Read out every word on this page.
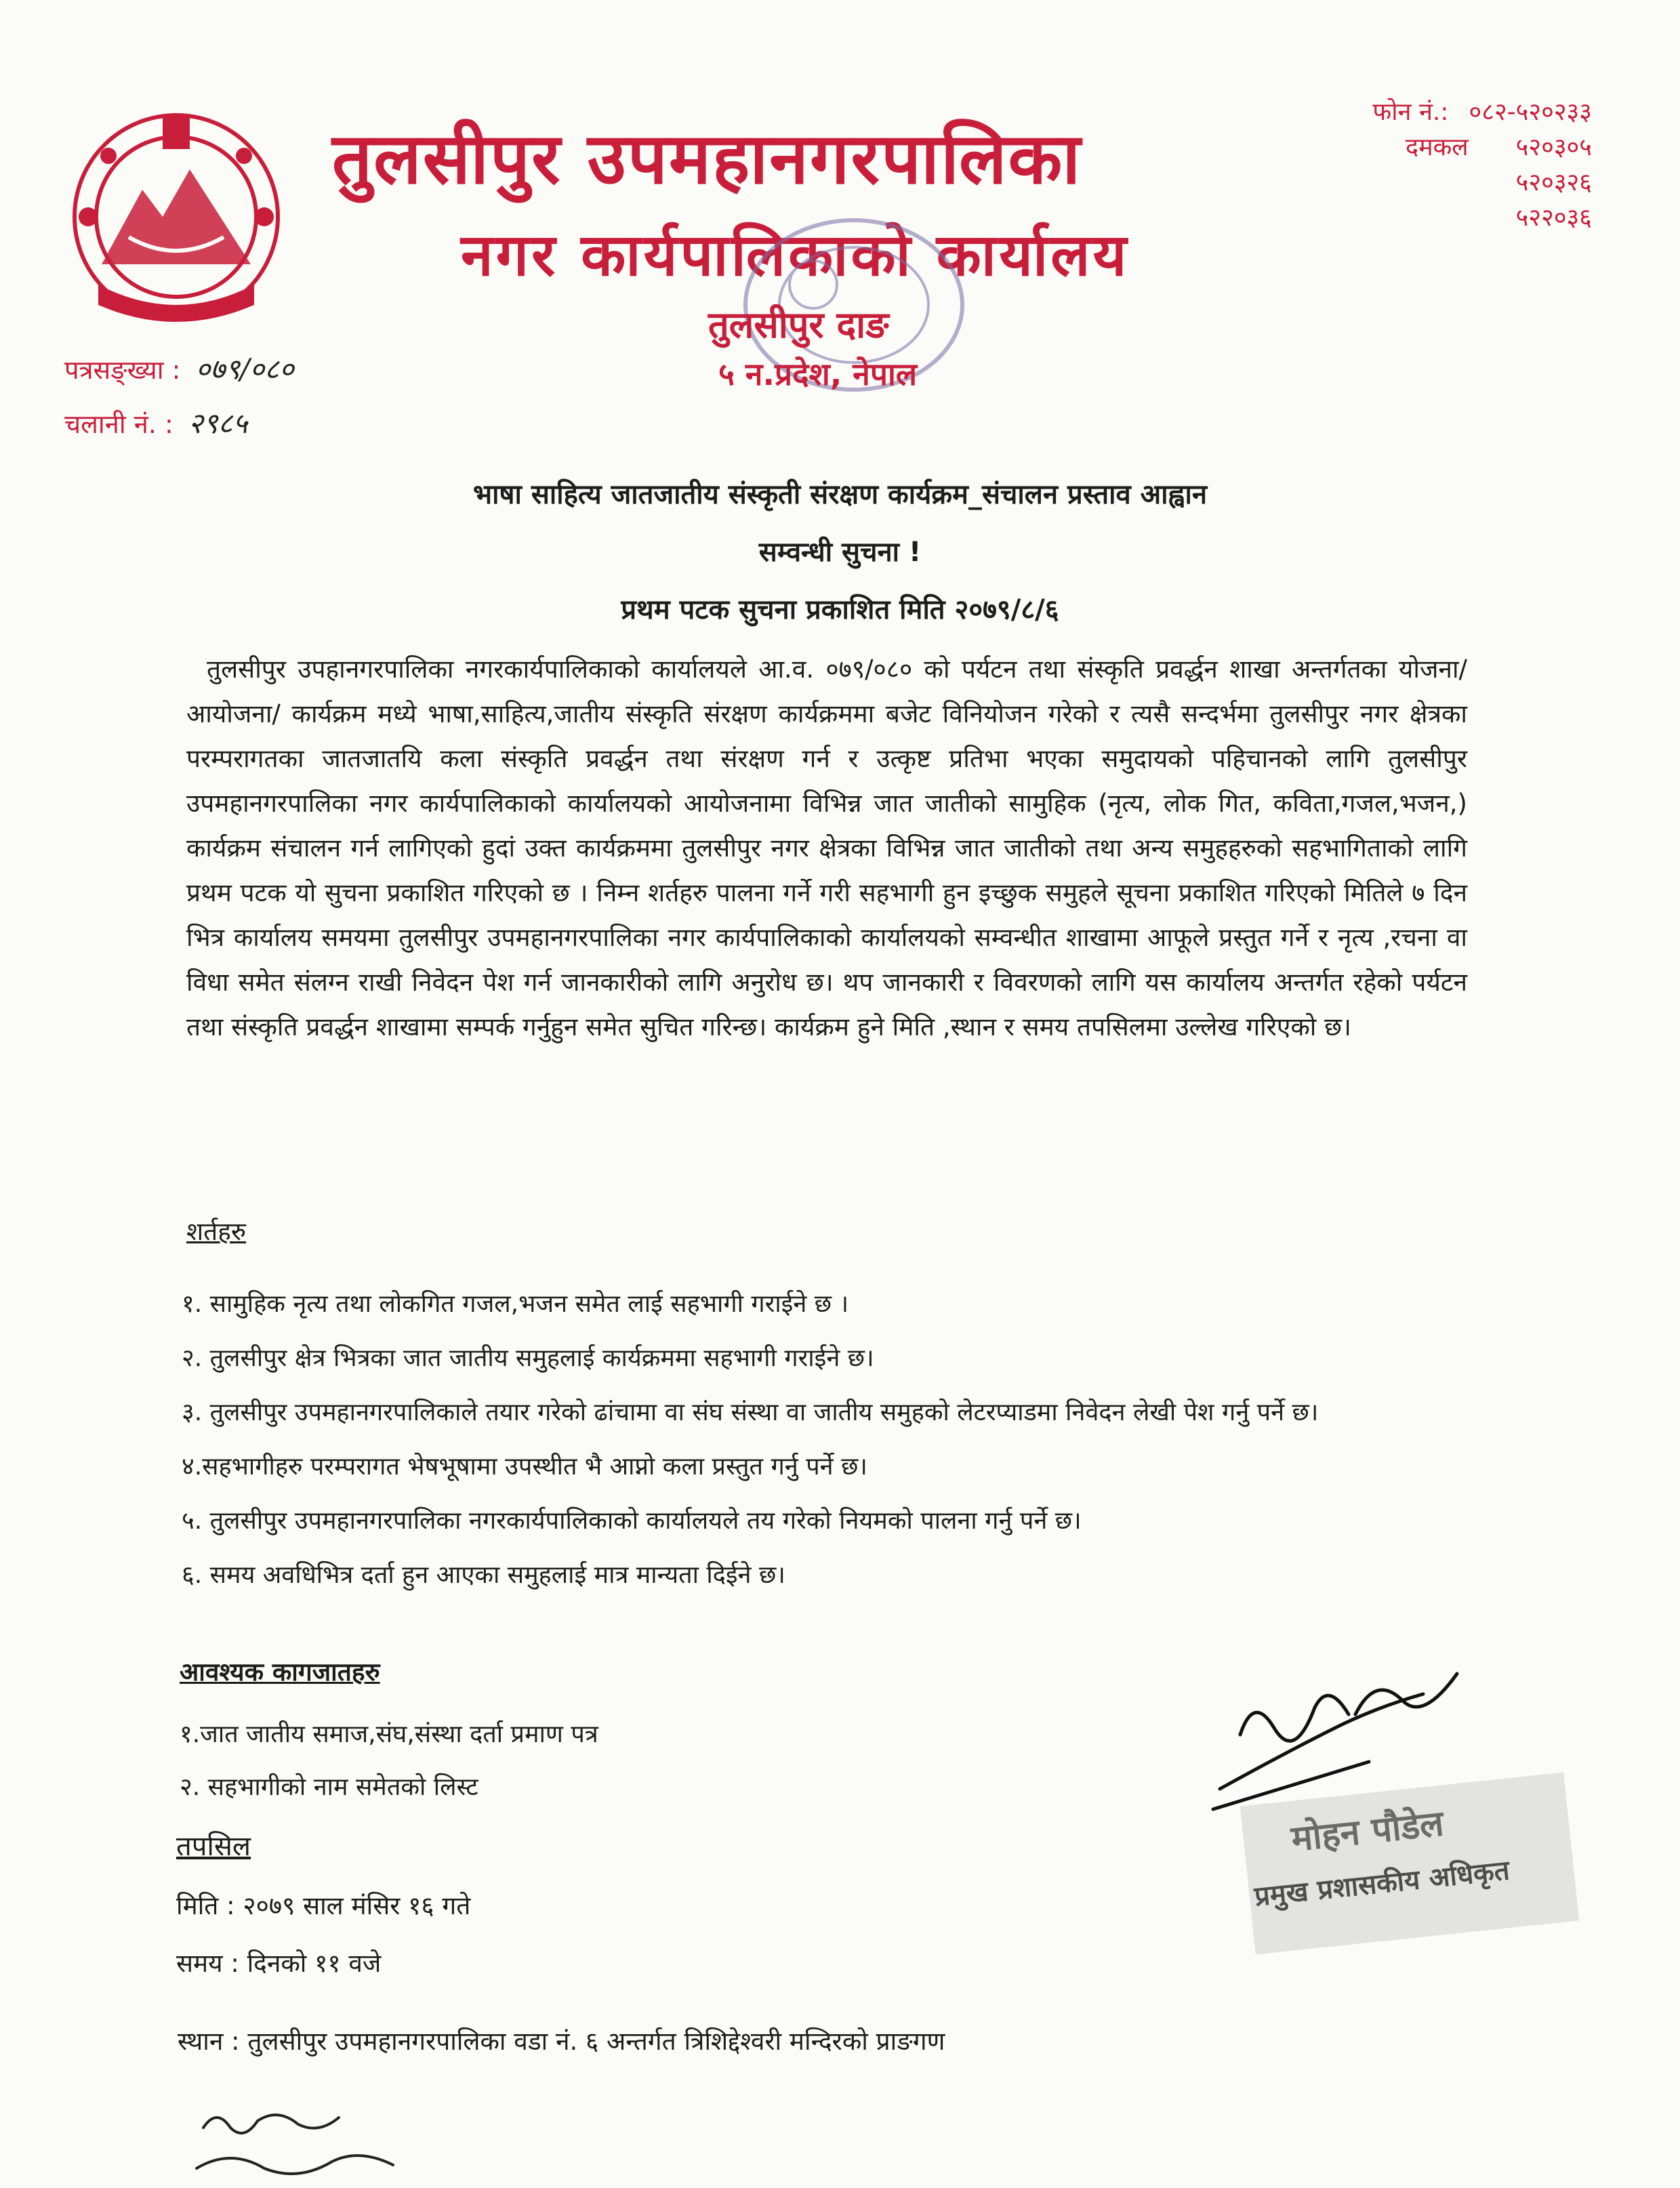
तुलसीपुर उपमहानगरपालिका
नगर कार्यपालिकाको कार्यालय
तुलसीपुर दाङ
५ न.प्रदेश, नेपाल
फोन नं.: ०८२-५२०२३३
दमकल ५२०३०५
५२०३२६
५२२०३६
पत्रसङ्ख्या : ०७९/०८०
चलानी नं. : २९८५
भाषा साहित्य जातजातीय संस्कृती संरक्षण कार्यक्रम_संचालन प्रस्ताव आह्वान
सम्वन्धी सुचना !
प्रथम पटक सुचना प्रकाशित मिति २०७९/८/६
तुलसीपुर उपहानगरपालिका नगरकार्यपालिकाको कार्यालयले आ.व. ०७९/०८० को पर्यटन तथा संस्कृति प्रवर्द्धन शाखा अन्तर्गतका योजना/ आयोजना/ कार्यक्रम मध्ये भाषा,साहित्य,जातीय संस्कृति संरक्षण कार्यक्रममा बजेट विनियोजन गरेको र त्यसै सन्दर्भमा तुलसीपुर नगर क्षेत्रका परम्परागतका जातजातयि कला संस्कृति प्रवर्द्धन तथा संरक्षण गर्न र उत्कृष्ट प्रतिभा भएका समुदायको पहिचानको लागि तुलसीपुर उपमहानगरपालिका नगर कार्यपालिकाको कार्यालयको आयोजनामा विभिन्न जात जातीको सामुहिक (नृत्य, लोक गित, कविता,गजल,भजन,) कार्यक्रम संचालन गर्न लागिएको हुदां उक्त कार्यक्रममा तुलसीपुर नगर क्षेत्रका विभिन्न जात जातीको तथा अन्य समुहहरुको सहभागिताको लागि प्रथम पटक यो सुचना प्रकाशित गरिएको छ । निम्न शर्तहरु पालना गर्ने गरी सहभागी हुन इच्छुक समुहले सूचना प्रकाशित गरिएको मितिले ७ दिन भित्र कार्यालय समयमा तुलसीपुर उपमहानगरपालिका नगर कार्यपालिकाको कार्यालयको सम्वन्धीत शाखामा आफूले प्रस्तुत गर्ने र नृत्य ,रचना वा विधा समेत संलग्न राखी निवेदन पेश गर्न जानकारीको लागि अनुरोध छ। थप जानकारी र विवरणको लागि यस कार्यालय अन्तर्गत रहेको पर्यटन तथा संस्कृति प्रवर्द्धन शाखामा सम्पर्क गर्नुहुन समेत सुचित गरिन्छ। कार्यक्रम हुने मिति ,स्थान र समय तपसिलमा उल्लेख गरिएको छ।
शर्तहरु
१. सामुहिक नृत्य तथा लोकगित गजल,भजन समेत लाई सहभागी गराईने छ ।
२. तुलसीपुर क्षेत्र भित्रका जात जातीय समुहलाई कार्यक्रममा सहभागी गराईने छ।
३. तुलसीपुर उपमहानगरपालिकाले तयार गरेको ढांचामा वा संघ संस्था वा जातीय समुहको लेटरप्याडमा निवेदन लेखी पेश गर्नु पर्ने छ।
४.सहभागीहरु परम्परागत भेषभूषामा उपस्थीत भै आप्नो कला प्रस्तुत गर्नु पर्ने छ।
५. तुलसीपुर उपमहानगरपालिका नगरकार्यपालिकाको कार्यालयले तय गरेको नियमको पालना गर्नु पर्ने छ।
६. समय अवधिभित्र दर्ता हुन आएका समुहलाई मात्र मान्यता दिईने छ।
आवश्यक कागजातहरु
१.जात जातीय समाज,संघ,संस्था दर्ता प्रमाण पत्र
२. सहभागीको नाम समेतको लिस्ट
तपसिल
मिति : २०७९ साल मंसिर १६ गते
समय : दिनको ११ वजे
स्थान : तुलसीपुर उपमहानगरपालिका वडा नं. ६ अन्तर्गत त्रिशिद्देश्वरी मन्दिरको प्राङगण
मोहन पौडेल
प्रमुख प्रशासकीय अधिकृत
